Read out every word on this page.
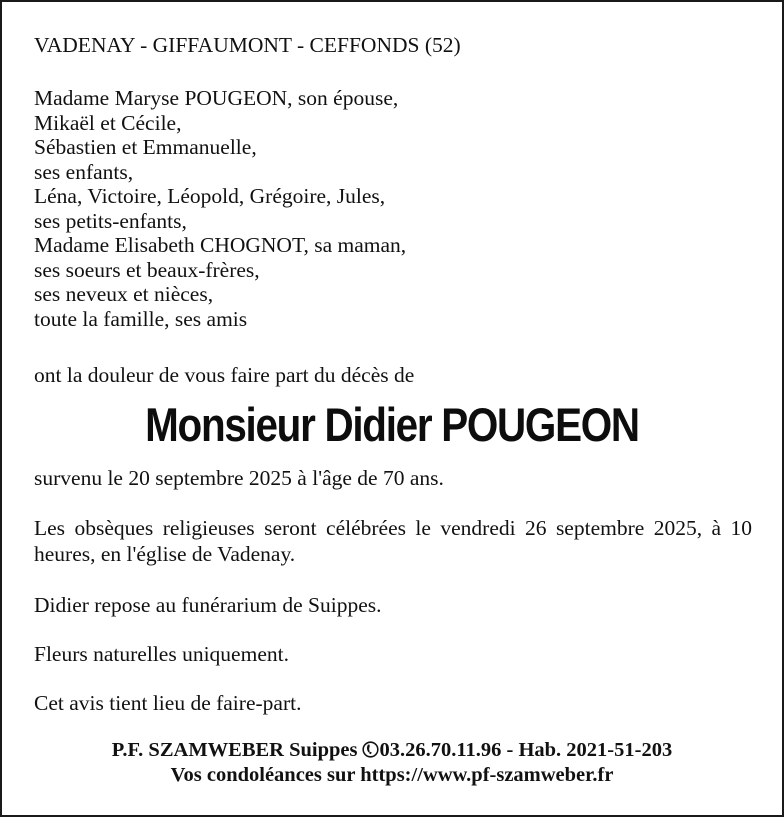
VADENAY - GIFFAUMONT - CEFFONDS (52)
Madame Maryse POUGEON, son épouse,
Mikaël et Cécile,
Sébastien et Emmanuelle,
ses enfants,
Léna, Victoire, Léopold, Grégoire, Jules,
ses petits-enfants,
Madame Elisabeth CHOGNOT, sa maman,
ses soeurs et beaux-frères,
ses neveux et nièces,
toute la famille, ses amis
ont la douleur de vous faire part du décès de
Monsieur Didier POUGEON
survenu le 20 septembre 2025 à l'âge de 70 ans.
Les obsèques religieuses seront célébrées le vendredi 26 septembre 2025, à 10 heures, en l'église de Vadenay.
Didier repose au funérarium de Suippes.
Fleurs naturelles uniquement.
Cet avis tient lieu de faire-part.
P.F. SZAMWEBER Suippes 03.26.70.11.96 - Hab. 2021-51-203
Vos condoléances sur https://www.pf-szamweber.fr
